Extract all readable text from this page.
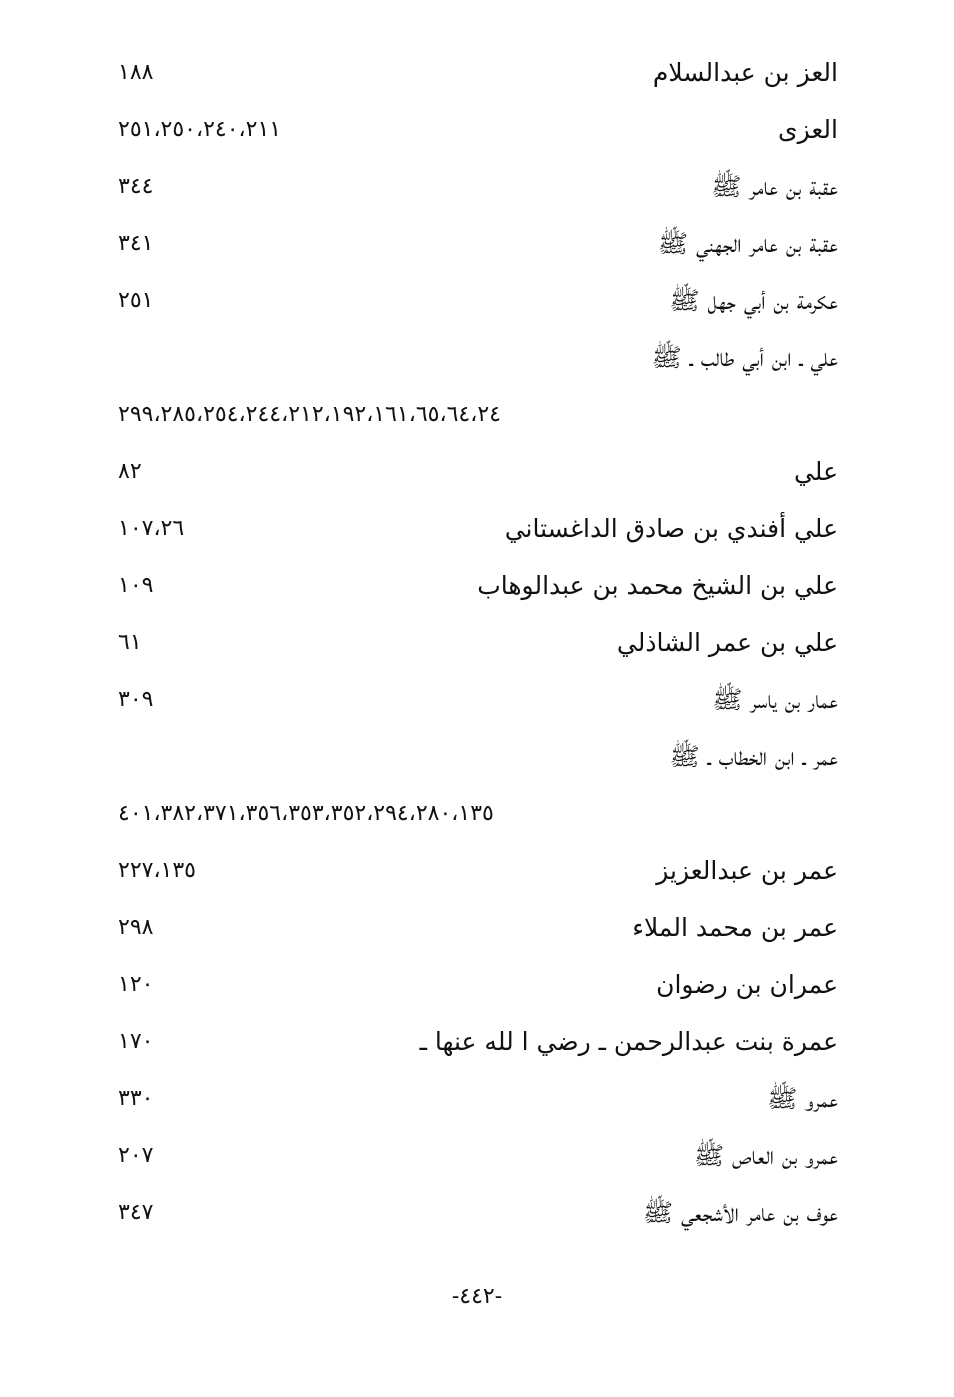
العز بن عبدالسلام
١٨٨
العزى
٢٥١،٢٥٠،٢٤٠،٢١١
عقبة بن عامر ﷺ
٣٤٤
عقبة بن عامر الجهني ﷺ
٣٤١
عكرمة بن أبي جهل ﷺ
٢٥١
علي ـ ابن أبي طالب ـ ﷺ
٢٩٩،٢٨٥،٢٥٤،٢٤٤،٢١٢،١٩٢،١٦١،٦٥،٦٤،٢٤
علي
٨٢
علي أفندي بن صادق الداغستاني
١٠٧،٢٦
علي بن الشيخ محمد بن عبدالوهاب
١٠٩
علي بن عمر الشاذلي
٦١
عمار بن ياسر ﷺ
٣٠٩
عمر ـ ابن الخطاب ـ ﷺ
٤٠١،٣٨٢،٣٧١،٣٥٦،٣٥٣،٣٥٢،٢٩٤،٢٨٠،١٣٥
عمر بن عبدالعزيز
٢٢٧،١٣٥
عمر بن محمد الملاء
٢٩٨
عمران بن رضوان
١٢٠
عمرة بنت عبدالرحمن ـ رضي ا لله عنها ـ
١٧٠
عمرو ﷺ
٣٣٠
عمرو بن العاص ﷺ
٢٠٧
عوف بن عامر الأشجعي ﷺ
٣٤٧
-٤٤٢-
